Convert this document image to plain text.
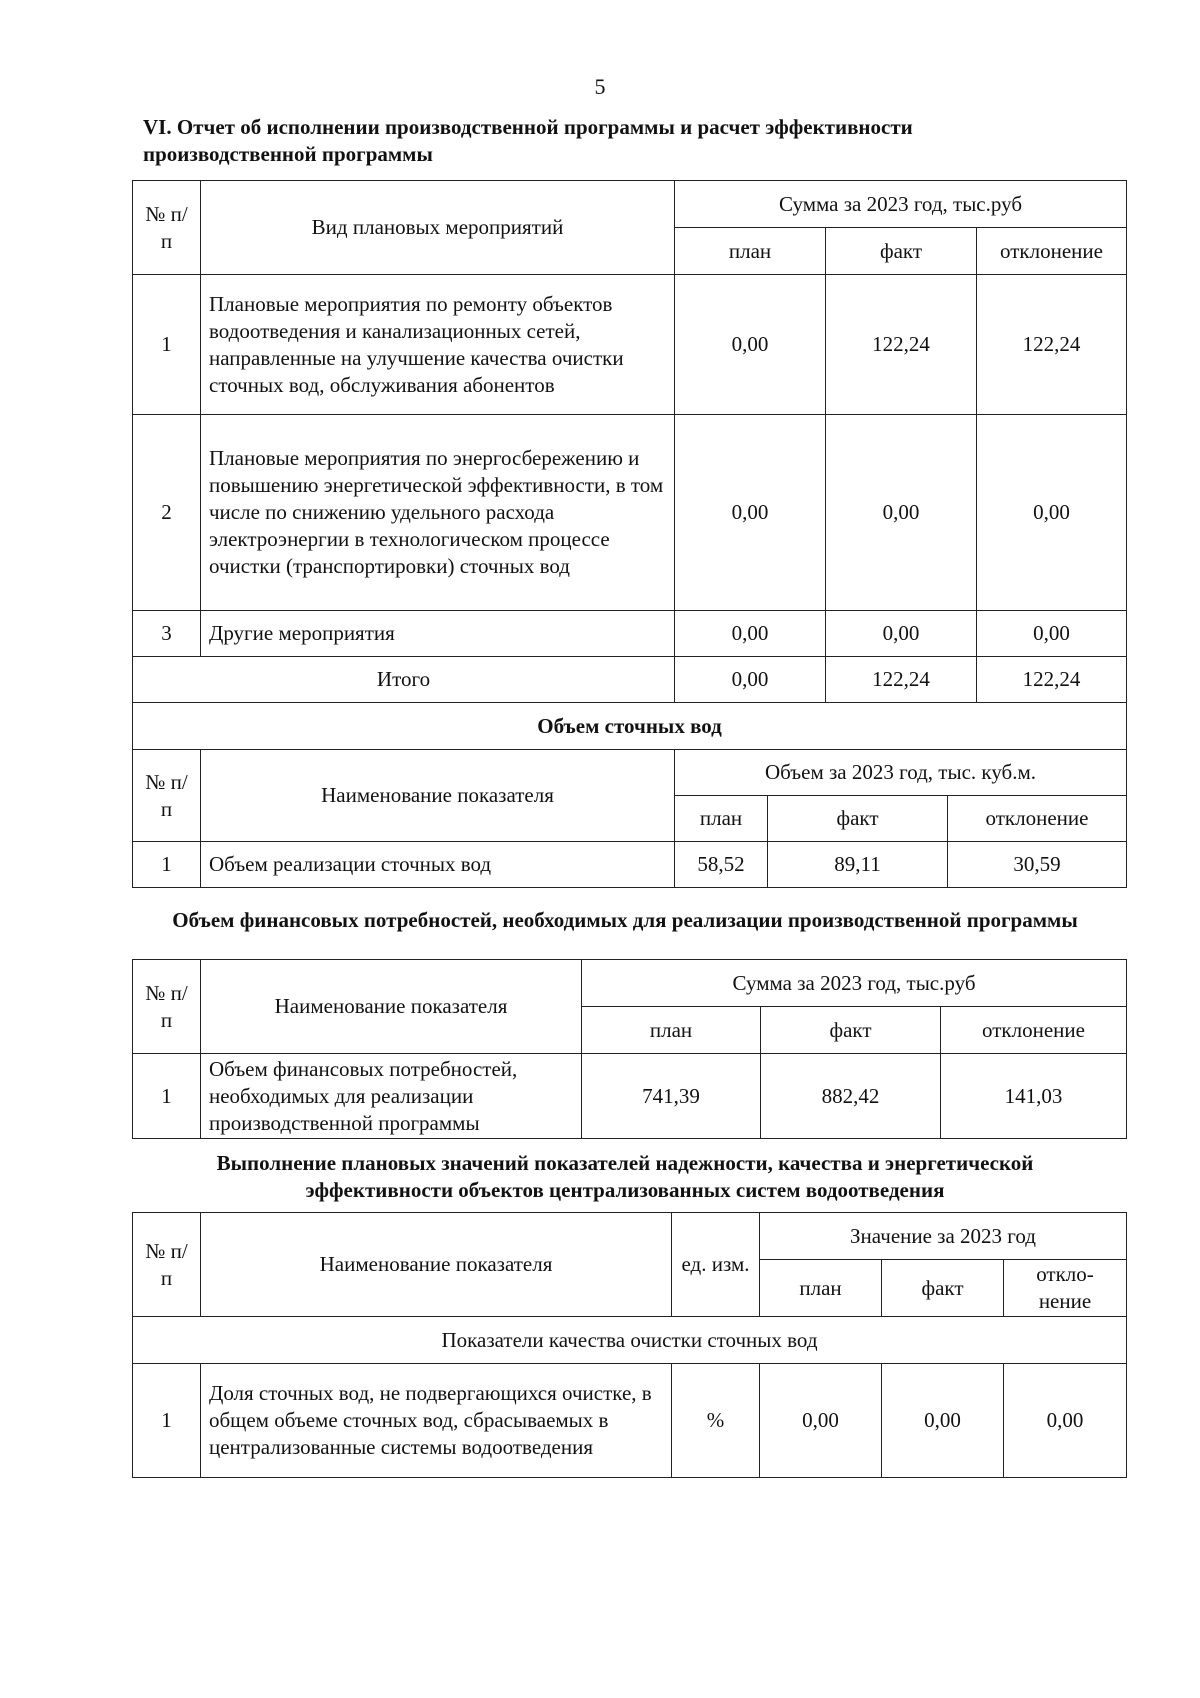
5
VI. Отчет об исполнении производственной программы и расчет эффективности производственной программы
№ п/п	Вид плановых мероприятий	Сумма за 2023 год, тыс.руб		
		план	факт	отклонение
1	Плановые мероприятия по ремонту объектов водоотведения и канализационных сетей, направленные на улучшение качества очистки сточных вод, обслуживания абонентов	0,00	122,24	122,24
2	Плановые мероприятия по энергосбережению и повышению энергетической эффективности, в том числе по снижению удельного расхода электроэнергии в технологическом процессе очистки (транспортировки) сточных вод	0,00	0,00	0,00
3	Другие мероприятия	0,00	0,00	0,00
Итого		0,00	122,24	122,24
Объем сточных вод				
№ п/п	Наименование показателя	Объем за 2023 год, тыс. куб.м.		
		план	факт	отклонение
1	Объем реализации сточных вод	58,52	89,11	30,59
Объем финансовых потребностей, необходимых для реализации производственной программы
№ п/п	Наименование показателя	Сумма за 2023 год, тыс.руб		
		план	факт	отклонение
1	Объем финансовых потребностей, необходимых для реализации производственной программы	741,39	882,42	141,03
Выполнение плановых значений показателей надежности, качества и энергетической эффективности объектов централизованных систем водоотведения
№ п/п	Наименование показателя	ед. изм.	Значение за 2023 год		
			план	факт	откло-нение
Показатели качества очистки сточных вод					
1	Доля сточных вод, не подвергающихся очистке, в общем объеме сточных вод, сбрасываемых в централизованные системы водоотведения	%	0,00	0,00	0,00
